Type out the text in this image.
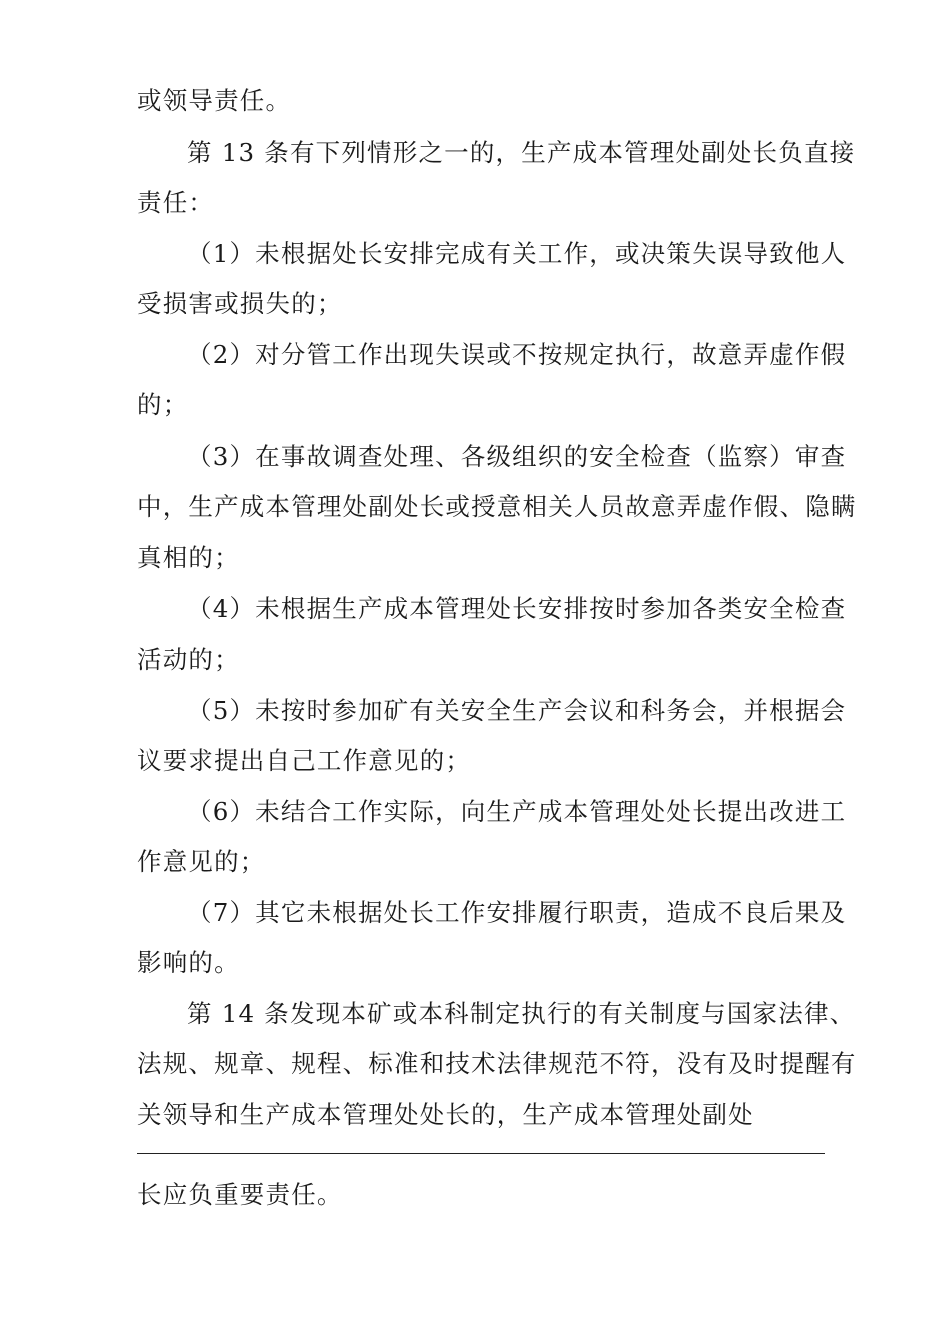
或领导责任。
第 13 条有下列情形之一的，生产成本管理处副处长负直接
责任：
（1）未根据处长安排完成有关工作，或决策失误导致他人
受损害或损失的；
（2）对分管工作出现失误或不按规定执行，故意弄虚作假
的；
（3）在事故调查处理、各级组织的安全检查（监察）审查
中，生产成本管理处副处长或授意相关人员故意弄虚作假、隐瞒
真相的；
（4）未根据生产成本管理处长安排按时参加各类安全检查
活动的；
（5）未按时参加矿有关安全生产会议和科务会，并根据会
议要求提出自己工作意见的；
（6）未结合工作实际，向生产成本管理处处长提出改进工
作意见的；
（7）其它未根据处长工作安排履行职责，造成不良后果及
影响的。
第 14 条发现本矿或本科制定执行的有关制度与国家法律、
法规、规章、规程、标准和技术法律规范不符，没有及时提醒有
关领导和生产成本管理处处长的，生产成本管理处副处
长应负重要责任。
